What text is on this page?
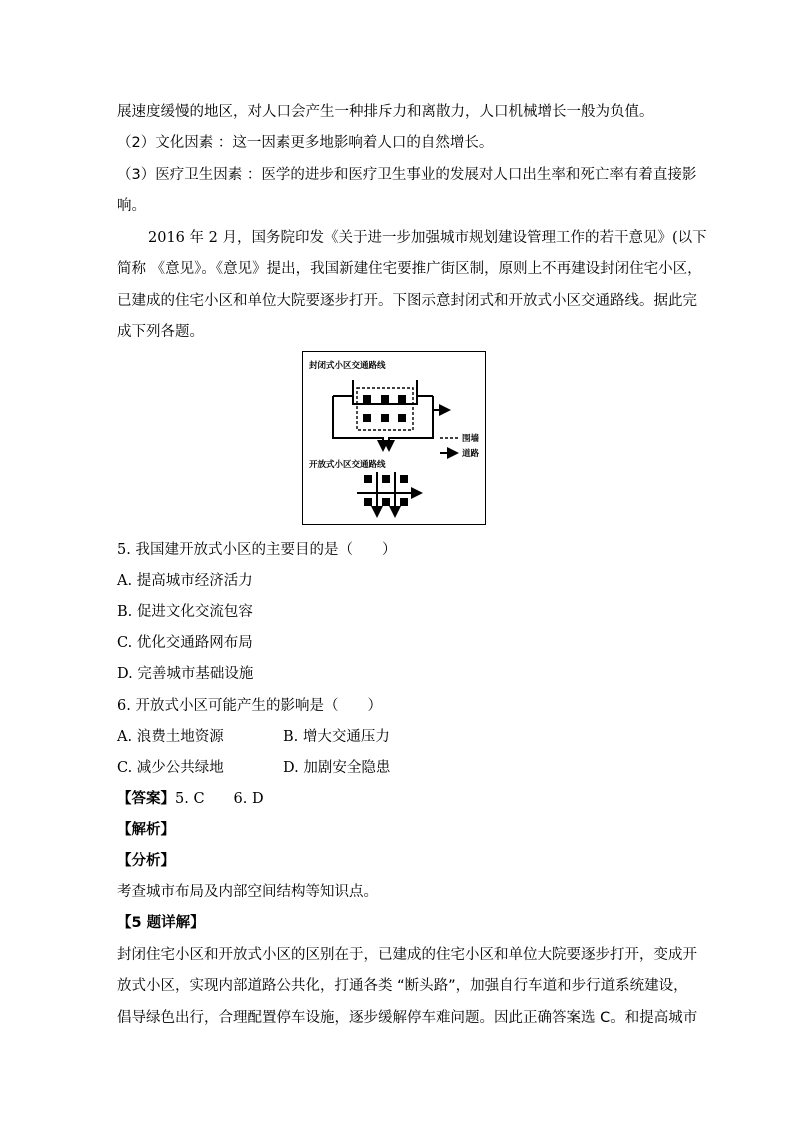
展速度缓慢的地区，对人口会产生一种排斥力和离散力，人口机械增长一般为负值。
（2）文化因素 ：这一因素更多地影响着人口的自然增长。
（3）医疗卫生因素 ：医学的进步和医疗卫生事业的发展对人口出生率和死亡率有着直接影
响。
2016 年 2 月，国务院印发《关于进一步加强城市规划建设管理工作的若干意见》(以下
简称 《意见》。《意见》提出，我国新建住宅要推广街区制，原则上不再建设封闭住宅小区，
已建成的住宅小区和单位大院要逐步打开。下图示意封闭式和开放式小区交通路线。据此完
成下列各题。
封闭式小区交通路线
围墙
道路
开放式小区交通路线
5. 我国建开放式小区的主要目的是（　　）
A. 提高城市经济活力
B. 促进文化交流包容
C. 优化交通路网布局
D. 完善城市基础设施
6. 开放式小区可能产生的影响是（　　）
A. 浪费土地资源	B. 增大交通压力
C. 减少公共绿地	D. 加剧安全隐患
【答案】5. C　　6. D
【解析】
【分析】
考查城市布局及内部空间结构等知识点。
【5 题详解】
封闭住宅小区和开放式小区的区别在于，已建成的住宅小区和单位大院要逐步打开，变成开
放式小区，实现内部道路公共化，打通各类 “断头路”，加强自行车道和步行道系统建设，
倡导绿色出行，合理配置停车设施，逐步缓解停车难问题。因此正确答案选 C。和提高城市
